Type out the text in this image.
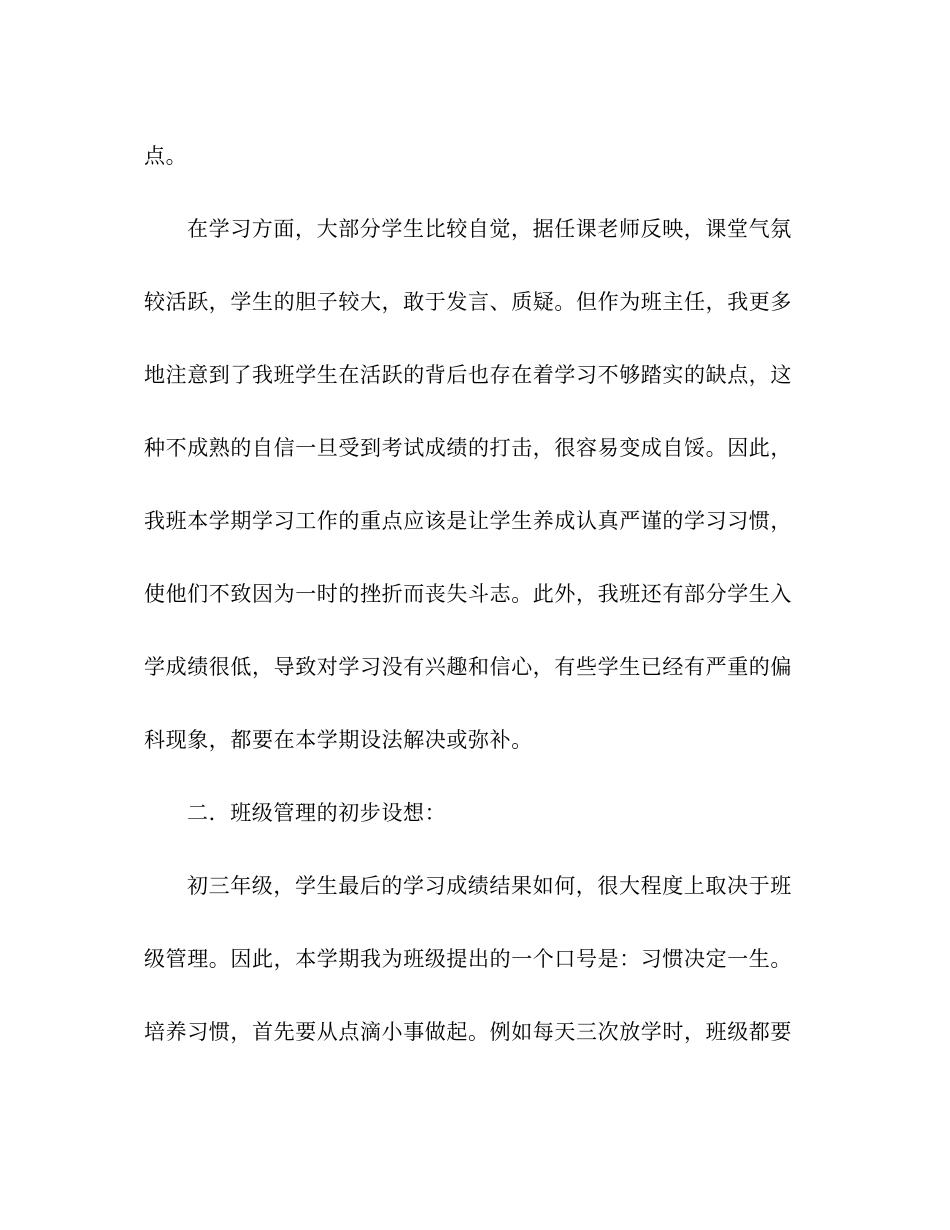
点。
在学习方面，大部分学生比较自觉，据任课老师反映，课堂气氛
较活跃，学生的胆子较大，敢于发言、质疑。但作为班主任，我更多
地注意到了我班学生在活跃的背后也存在着学习不够踏实的缺点，这
种不成熟的自信一旦受到考试成绩的打击，很容易变成自馁。因此，
我班本学期学习工作的重点应该是让学生养成认真严谨的学习习惯，
使他们不致因为一时的挫折而丧失斗志。此外，我班还有部分学生入
学成绩很低，导致对学习没有兴趣和信心，有些学生已经有严重的偏
科现象，都要在本学期设法解决或弥补。
二．班级管理的初步设想：
初三年级，学生最后的学习成绩结果如何，很大程度上取决于班
级管理。因此，本学期我为班级提出的一个口号是：习惯决定一生。
培养习惯，首先要从点滴小事做起。例如每天三次放学时，班级都要
